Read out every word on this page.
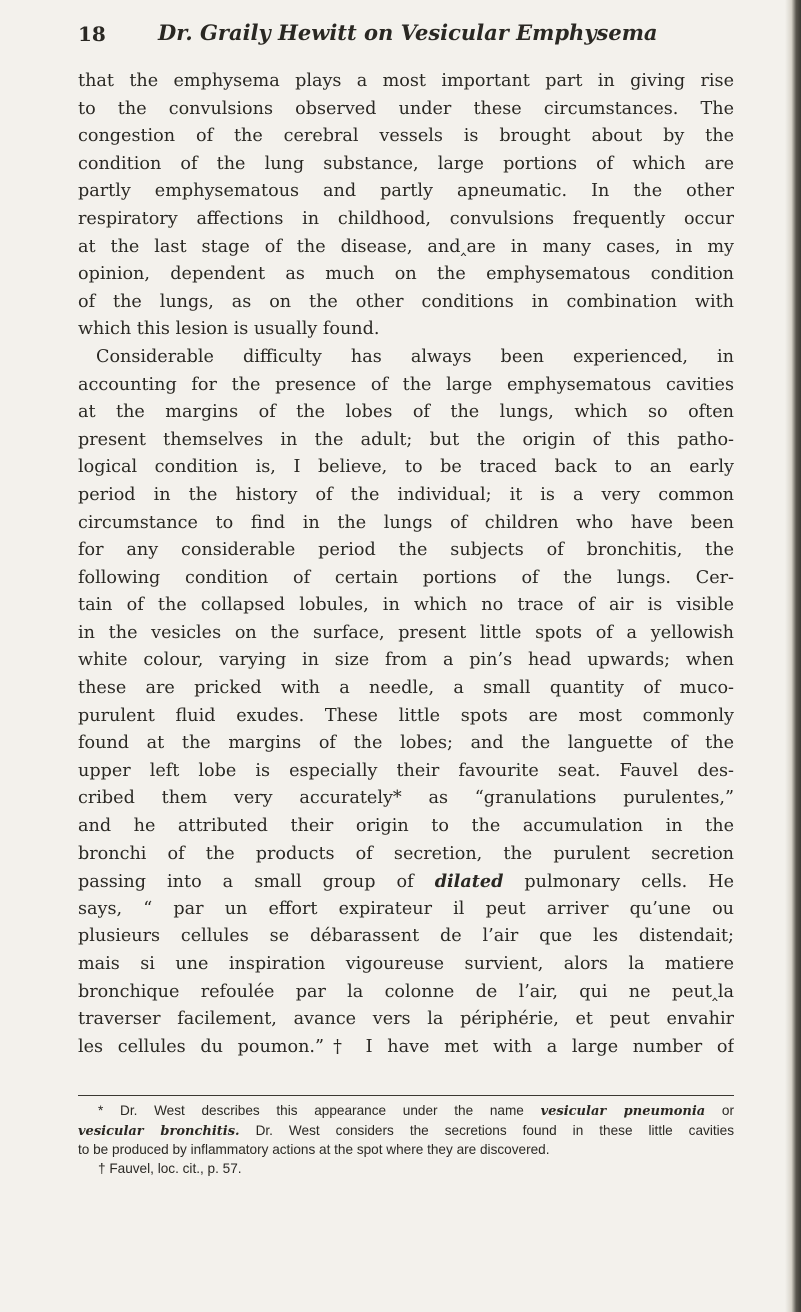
18 Dr. Graily Hewitt on Vesicular Emphysema
that the emphysema plays a most important part in giving rise
to the convulsions observed under these circumstances. The
congestion of the cerebral vessels is brought about by the
condition of the lung substance, large portions of which are
partly emphysematous and partly apneumatic. In the other
respiratory affections in childhood, convulsions frequently occur
at the last stage of the disease, and‸are in many cases, in my
opinion, dependent as much on the emphysematous condition
of the lungs, as on the other conditions in combination with
which this lesion is usually found.
Considerable difficulty has always been experienced, in
accounting for the presence of the large emphysematous cavities
at the margins of the lobes of the lungs, which so often
present themselves in the adult; but the origin of this patho-
logical condition is, I believe, to be traced back to an early
period in the history of the individual; it is a very common
circumstance to find in the lungs of children who have been
for any considerable period the subjects of bronchitis, the
following condition of certain portions of the lungs. Cer-
tain of the collapsed lobules, in which no trace of air is visible
in the vesicles on the surface, present little spots of a yellowish
white colour, varying in size from a pin’s head upwards; when
these are pricked with a needle, a small quantity of muco-
purulent fluid exudes. These little spots are most commonly
found at the margins of the lobes; and the languette of the
upper left lobe is especially their favourite seat. Fauvel des-
cribed them very accurately* as “granulations purulentes,”
and he attributed their origin to the accumulation in the
bronchi of the products of secretion, the purulent secretion
passing into a small group of dilated pulmonary cells. He
says, “ par un effort expirateur il peut arriver qu’une ou
plusieurs cellules se débarassent de l’air que les distendait;
mais si une inspiration vigoureuse survient, alors la matiere
bronchique refoulée par la colonne de l’air, qui ne peut‸la
traverser facilement, avance vers la périphérie, et peut envahir
les cellules du poumon.”† I have met with a large number of
* Dr. West describes this appearance under the name vesicular pneumonia or
vesicular bronchitis. Dr. West considers the secretions found in these little cavities
to be produced by inflammatory actions at the spot where they are discovered.
† Fauvel, loc. cit., p. 57.
